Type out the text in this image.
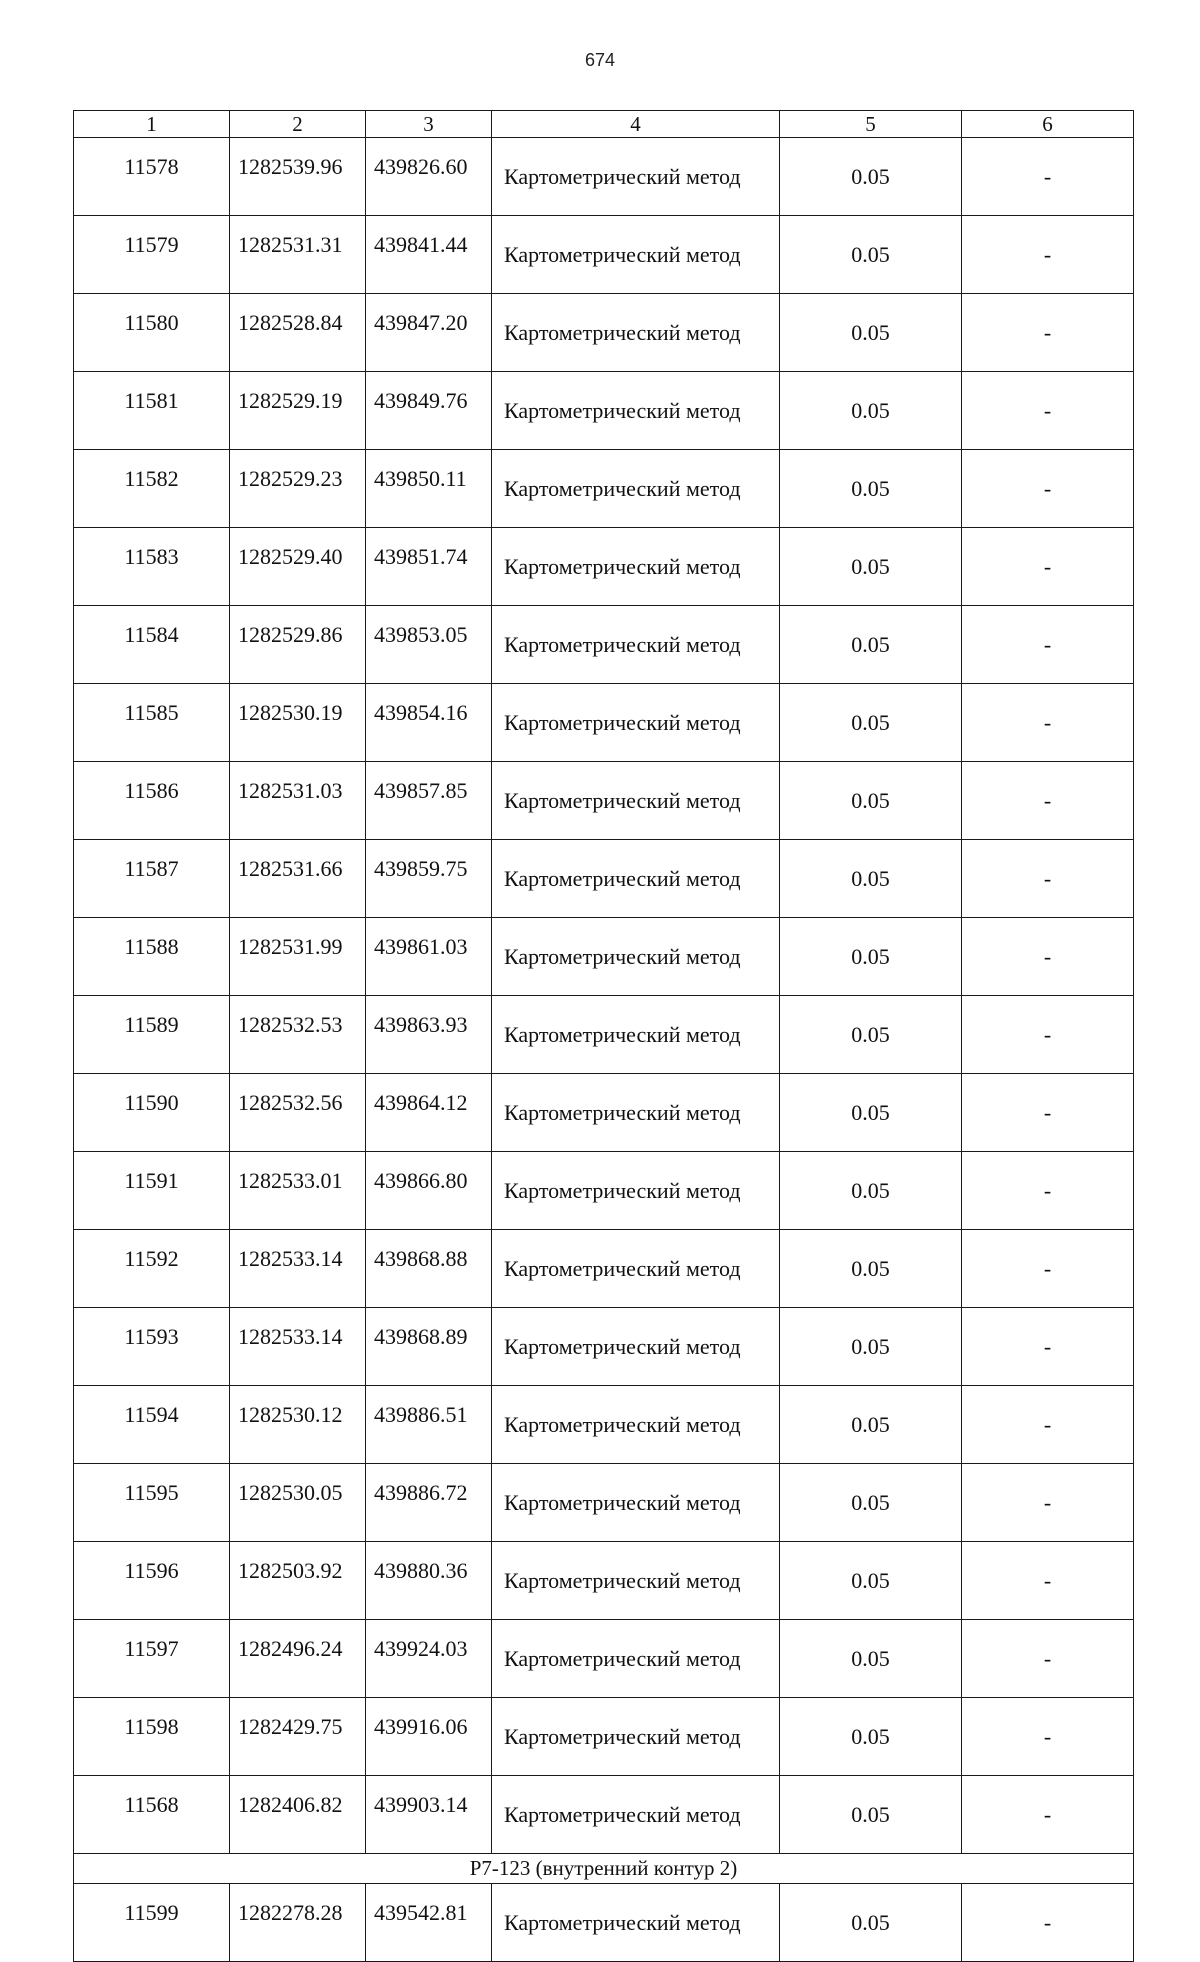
674
1	2	3	4	5	6
11578	1282539.96	439826.60	Картометрический метод	0.05	-
11579	1282531.31	439841.44	Картометрический метод	0.05	-
11580	1282528.84	439847.20	Картометрический метод	0.05	-
11581	1282529.19	439849.76	Картометрический метод	0.05	-
11582	1282529.23	439850.11	Картометрический метод	0.05	-
11583	1282529.40	439851.74	Картометрический метод	0.05	-
11584	1282529.86	439853.05	Картометрический метод	0.05	-
11585	1282530.19	439854.16	Картометрический метод	0.05	-
11586	1282531.03	439857.85	Картометрический метод	0.05	-
11587	1282531.66	439859.75	Картометрический метод	0.05	-
11588	1282531.99	439861.03	Картометрический метод	0.05	-
11589	1282532.53	439863.93	Картометрический метод	0.05	-
11590	1282532.56	439864.12	Картометрический метод	0.05	-
11591	1282533.01	439866.80	Картометрический метод	0.05	-
11592	1282533.14	439868.88	Картометрический метод	0.05	-
11593	1282533.14	439868.89	Картометрический метод	0.05	-
11594	1282530.12	439886.51	Картометрический метод	0.05	-
11595	1282530.05	439886.72	Картометрический метод	0.05	-
11596	1282503.92	439880.36	Картометрический метод	0.05	-
11597	1282496.24	439924.03	Картометрический метод	0.05	-
11598	1282429.75	439916.06	Картометрический метод	0.05	-
11568	1282406.82	439903.14	Картометрический метод	0.05	-
Р7-123 (внутренний контур 2)					
11599	1282278.28	439542.81	Картометрический метод	0.05	-
